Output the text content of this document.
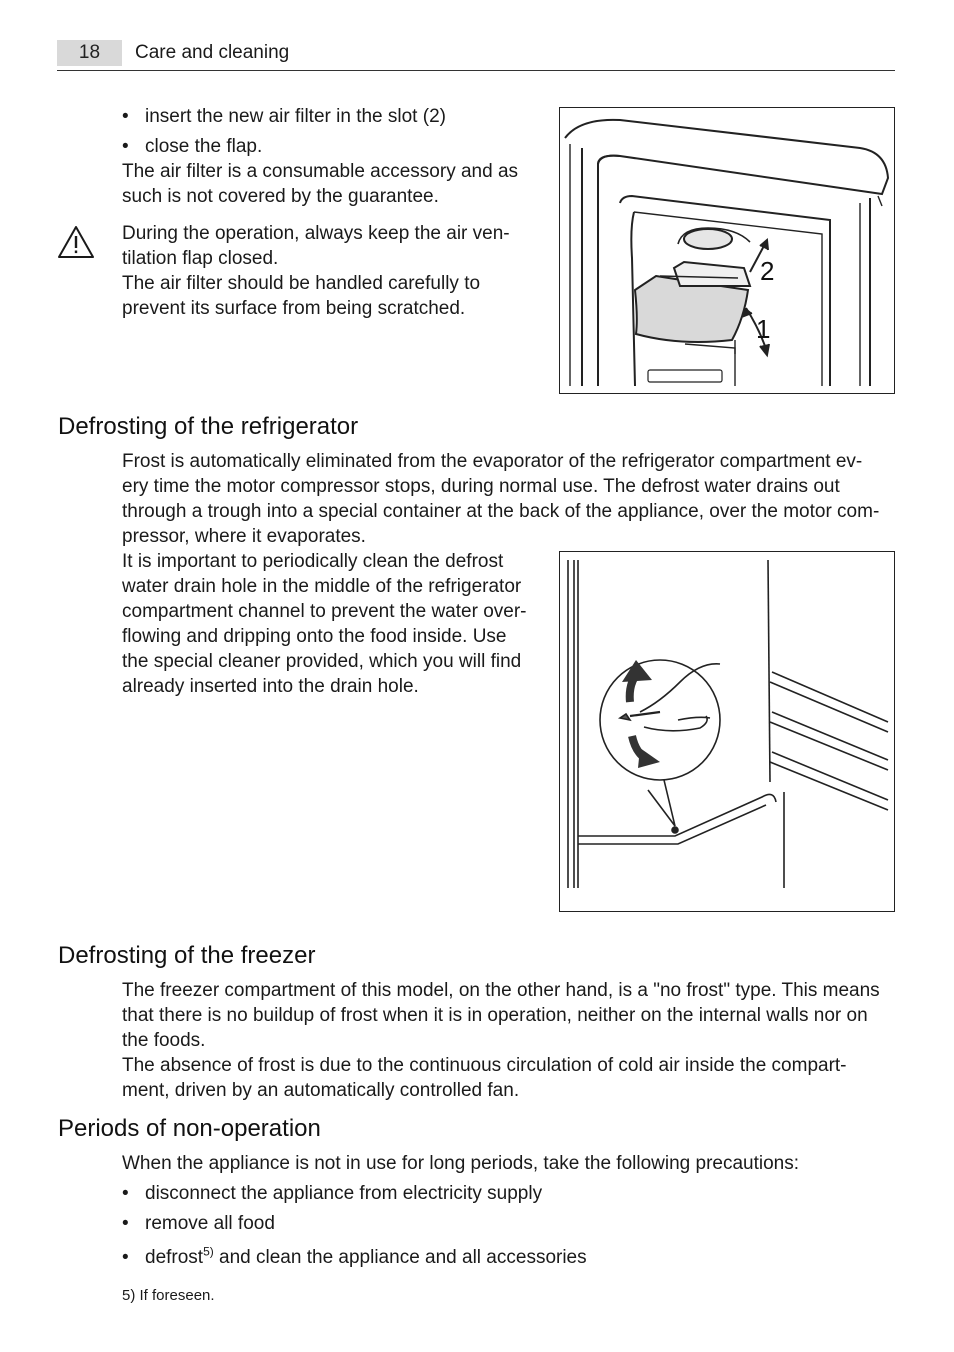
18	Care and cleaning
• insert the new air filter in the slot (2)
• close the flap.
The air filter is a consumable accessory and as
such is not covered by the guarantee.
During the operation, always keep the air ven-
tilation flap closed.
The air filter should be handled carefully to
prevent its surface from being scratched.
2
1
Defrosting of the refrigerator
Frost is automatically eliminated from the evaporator of the refrigerator compartment ev-
ery time the motor compressor stops, during normal use. The defrost water drains out
through a trough into a special container at the back of the appliance, over the motor com-
pressor, where it evaporates.
It is important to periodically clean the defrost
water drain hole in the middle of the refrigerator
compartment channel to prevent the water over-
flowing and dripping onto the food inside. Use
the special cleaner provided, which you will find
already inserted into the drain hole.
Defrosting of the freezer
The freezer compartment of this model, on the other hand, is a "no frost" type. This means
that there is no buildup of frost when it is in operation, neither on the internal walls nor on
the foods.
The absence of frost is due to the continuous circulation of cold air inside the compart-
ment, driven by an automatically controlled fan.
Periods of non-operation
When the appliance is not in use for long periods, take the following precautions:
• disconnect the appliance from electricity supply
• remove all food
• defrost$^{5)}$ and clean the appliance and all accessories
5) If foreseen.
